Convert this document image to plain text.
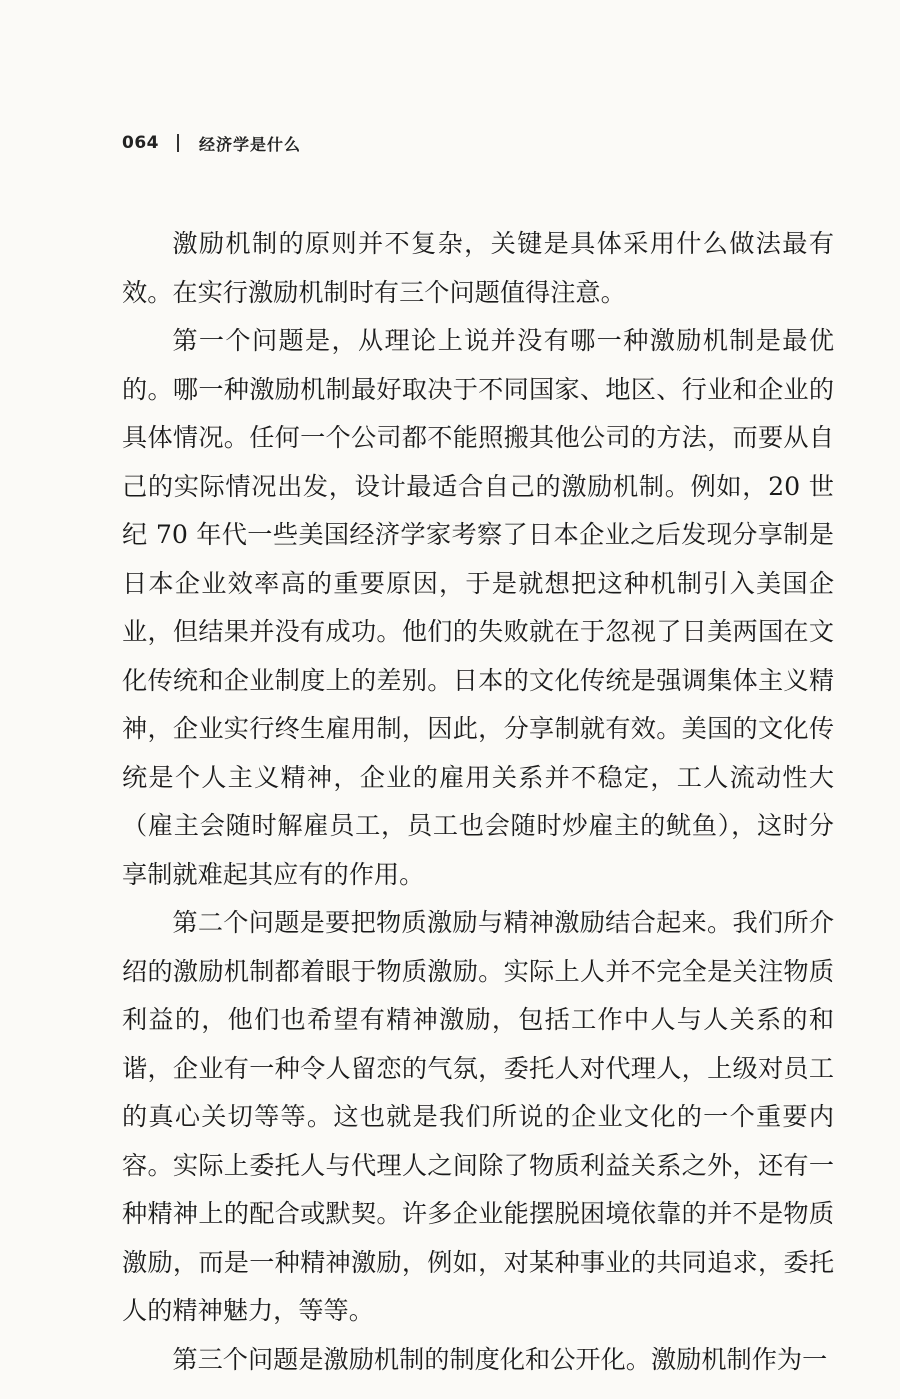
064	经济学是什么

激励机制的原则并不复杂，关键是具体采用什么做法最有效。在实行激励机制时有三个问题值得注意。

第一个问题是，从理论上说并没有哪一种激励机制是最优的。哪一种激励机制最好取决于不同国家、地区、行业和企业的具体情况。任何一个公司都不能照搬其他公司的方法，而要从自己的实际情况出发，设计最适合自己的激励机制。例如，20 世纪 70 年代一些美国经济学家考察了日本企业之后发现分享制是日本企业效率高的重要原因，于是就想把这种机制引入美国企业，但结果并没有成功。他们的失败就在于忽视了日美两国在文化传统和企业制度上的差别。日本的文化传统是强调集体主义精神，企业实行终生雇用制，因此，分享制就有效。美国的文化传统是个人主义精神，企业的雇用关系并不稳定，工人流动性大（雇主会随时解雇员工，员工也会随时炒雇主的鱿鱼），这时分享制就难起其应有的作用。

第二个问题是要把物质激励与精神激励结合起来。我们所介绍的激励机制都着眼于物质激励。实际上人并不完全是关注物质利益的，他们也希望有精神激励，包括工作中人与人关系的和谐，企业有一种令人留恋的气氛，委托人对代理人，上级对员工的真心关切等等。这也就是我们所说的企业文化的一个重要内容。实际上委托人与代理人之间除了物质利益关系之外，还有一种精神上的配合或默契。许多企业能摆脱困境依靠的并不是物质激励，而是一种精神激励，例如，对某种事业的共同追求，委托人的精神魅力，等等。

第三个问题是激励机制的制度化和公开化。激励机制作为一
